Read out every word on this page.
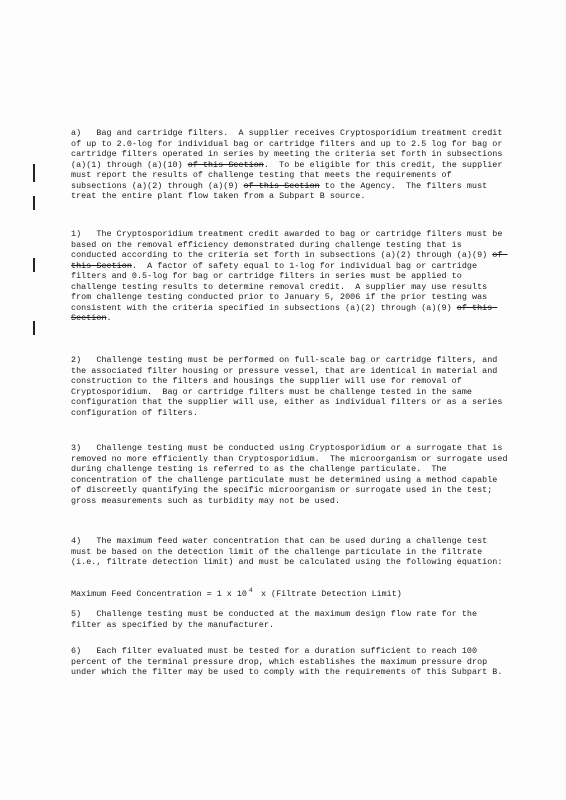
a)   Bag and cartridge filters.  A supplier receives Cryptosporidium treatment credit of up to 2.0-log for individual bag or cartridge filters and up to 2.5 log for bag or cartridge filters operated in series by meeting the criteria set forth in subsections (a)(1) through (a)(10) of this Section.  To be eligible for this credit, the supplier must report the results of challenge testing that meets the requirements of subsections (a)(2) through (a)(9) of this Section to the Agency.  The filters must treat the entire plant flow taken from a Subpart B source.

1)   The Cryptosporidium treatment credit awarded to bag or cartridge filters must be based on the removal efficiency demonstrated during challenge testing that is conducted according to the criteria set forth in subsections (a)(2) through (a)(9) of this Section.  A factor of safety equal to 1-log for individual bag or cartridge filters and 0.5-log for bag or cartridge filters in series must be applied to challenge testing results to determine removal credit.  A supplier may use results from challenge testing conducted prior to January 5, 2006 if the prior testing was consistent with the criteria specified in subsections (a)(2) through (a)(9) of this Section.

2)   Challenge testing must be performed on full-scale bag or cartridge filters, and the associated filter housing or pressure vessel, that are identical in material and construction to the filters and housings the supplier will use for removal of Cryptosporidium.  Bag or cartridge filters must be challenge tested in the same configuration that the supplier will use, either as individual filters or as a series configuration of filters.

3)   Challenge testing must be conducted using Cryptosporidium or a surrogate that is removed no more efficiently than Cryptosporidium.  The microorganism or surrogate used during challenge testing is referred to as the challenge particulate.  The concentration of the challenge particulate must be determined using a method capable of discreetly quantifying the specific microorganism or surrogate used in the test; gross measurements such as turbidity may not be used.

4)   The maximum feed water concentration that can be used during a challenge test must be based on the detection limit of the challenge particulate in the filtrate (i.e., filtrate detection limit) and must be calculated using the following equation:

Maximum Feed Concentration = 1 x 10 4 x (Filtrate Detection Limit)

5)   Challenge testing must be conducted at the maximum design flow rate for the filter as specified by the manufacturer.

6)   Each filter evaluated must be tested for a duration sufficient to reach 100 percent of the terminal pressure drop, which establishes the maximum pressure drop under which the filter may be used to comply with the requirements of this Subpart B.
